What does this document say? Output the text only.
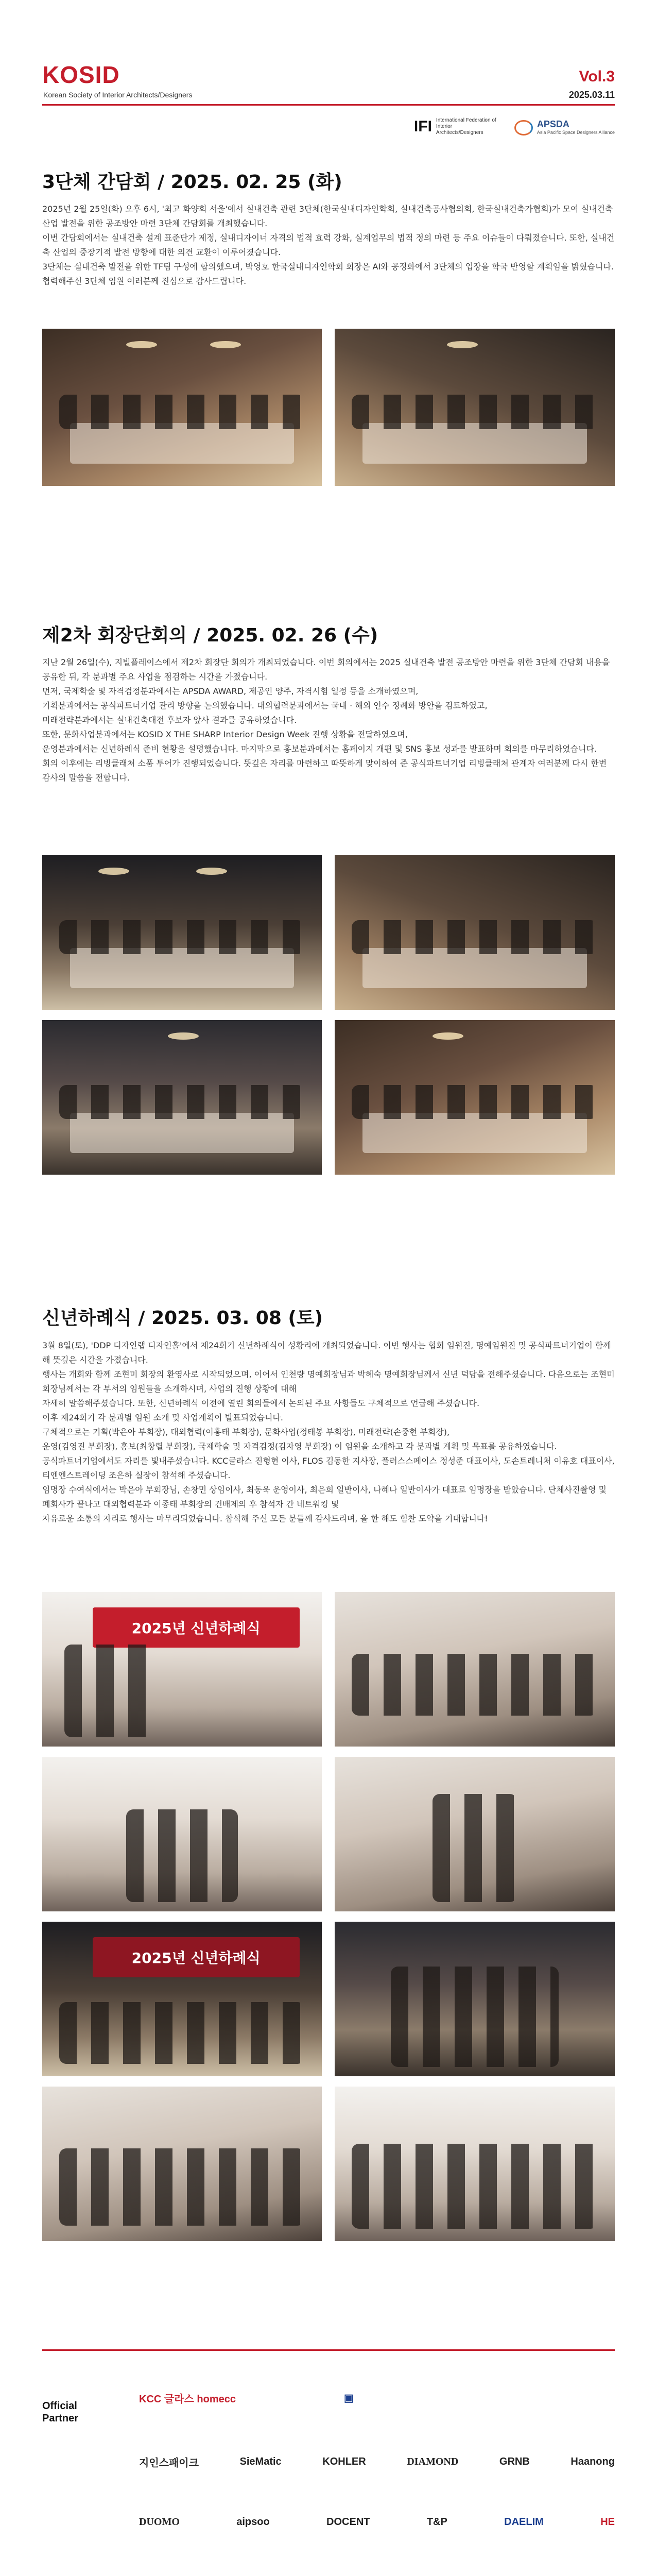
KOSID
Korean Society of Interior Architects/Designers
Vol.3
2025.03.11
IFI International Federation of Interior Architects/Designers
APSDA
Asia Pacific Space Designers Alliance
3단체 간담회 / 2025. 02. 25 (화)

2025년 2월 25일(화) 오후 6시, '최고 화양회 서울'에서 실내건축 관련 3단체(한국실내디자인학회, 실내건축공사협의회, 한국실내건축가협회)가 모여 실내건축 산업 발전을 위한 공조방안 마련 3단체 간담회를 개최했습니다.

이번 간담회에서는 실내건축 설계 표준단가 제정, 실내디자이너 자격의 법적 효력 강화, 실계업무의 법적 정의 마련 등 주요 이슈들이 다뤄졌습니다. 또한, 실내건축 산업의 중장기적 발전 방향에 대한 의견 교환이 이루어졌습니다.

3단체는 실내건축 발전을 위한 TF팀 구성에 합의했으며, 박영호 한국실내디자인학회 회장은 AI와 공정화에서 3단체의 입장을 학국 반영할 계획임을 밝혔습니다. 협력해주신 3단체 임원 여러분께 진심으로 감사드립니다.

제2차 회장단회의 / 2025. 02. 26 (수)

지난 2월 26일(수), 지빌플레이스에서 제2차 회장단 회의가 개최되었습니다. 이번 회의에서는 2025 실내건축 발전 공조방안 마련을 위한 3단체 간담회 내용을 공유한 뒤, 각 분과별 주요 사업을 점검하는 시간을 가졌습니다.

먼저, 국제학술 및 자격검정분과에서는 APSDA AWARD, 제공인 양주, 자격시험 일정 등을 소개하였으며,

기획분과에서는 공식파트너기업 관리 방향을 논의했습니다. 대외협력분과에서는 국내 · 해외 언수 정례화 방안을 검토하였고,

미래전략분과에서는 실내건축대전 후보자 앞사 결과를 공유하였습니다.

또한, 문화사업분과에서는 KOSID X THE SHARP Interior Design Week 진행 상황을 전달하였으며,

운영분과에서는 신년하례식 준비 현황을 설명했습니다. 마지막으로 홍보분과에서는 홈페이지 개편 및 SNS 홍보 성과를 발표하며 회의를 마무리하였습니다.

회의 이후에는 리빙클래쳐 소품 투어가 진행되었습니다. 뜻깊은 자리를 마련하고 따뜻하게 맞이하여 준 공식파트너기업 리빙클래쳐 관계자 여러분께 다시 한번 감사의 말씀을 전합니다.

신년하례식 / 2025. 03. 08 (토)

3월 8일(토), 'DDP 디자인랩 디자인홀'에서 제24회기 신년하례식이 성황리에 개최되었습니다. 이번 행사는 협회 임원진, 명예임원진 및 공식파트너기업이 함께해 뜻깊은 시간을 가졌습니다.

행사는 개회와 함께 조현미 회장의 환영사로 시작되었으며, 이어서 인천량 명예회장님과 박혜숙 명예회장님께서 신년 덕담을 전해주셨습니다. 다음으로는 조현미 회장님께서는 각 부서의 임원들을 소개하시며, 사업의 진행 상황에 대해

자세히 말씀해주셨습니다. 또한, 신년하례식 이전에 열린 회의들에서 논의된 주요 사항들도 구체적으로 언급해 주셨습니다.

이후 제24회기 각 분과별 임원 소개 및 사업계획이 발표되었습니다.

구체적으로는 기획(박은아 부회장), 대외협력(이홍태 부회장), 문화사업(정태봉 부회장), 미래전략(손중현 부회장),

운영(김영진 부회장), 홍보(최창렬 부회장), 국제학술 및 자격검정(김자영 부회장) 이 임원을 소개하고 각 분과별 계획 및 목표를 공유하였습니다.

공식파트너기업에서도 자리를 빛내주셨습니다. KCC글라스 진형현 이사, FLOS 김동한 지사장, 플러스스페이스 정성준 대표이사, 도손트레니처 이유호 대표이사, 티엔엔스트레이딩 조은하 실장이 참석해 주셨습니다.

임명장 수여식에서는 박은아 부회장님, 손창민 상임이사, 최동욱 운영이사, 최은희 일반이사, 나혜나 일반이사가 대표로 임명장을 받았습니다. 단체사진촬영 및 폐회사가 끝나고 대외협력분과 이종태 부회장의 건배제의 후 참석자 간 네트워킹 및

자유로운 소통의 자리로 행사는 마무리되었습니다. 참석해 주신 모든 분들께 감사드리며, 올 한 해도 힘찬 도약을 기대합니다!

2025년 신년하례식
2025년 신년하례식
Official Partner
KCC 글라스 homecc	▣
지인스패이크	SieMatic	KOHLER	DIAMOND	GRNB	Haanong
DUOMO	aipsoo	DOCENT	T&P	DAELIM	HE
